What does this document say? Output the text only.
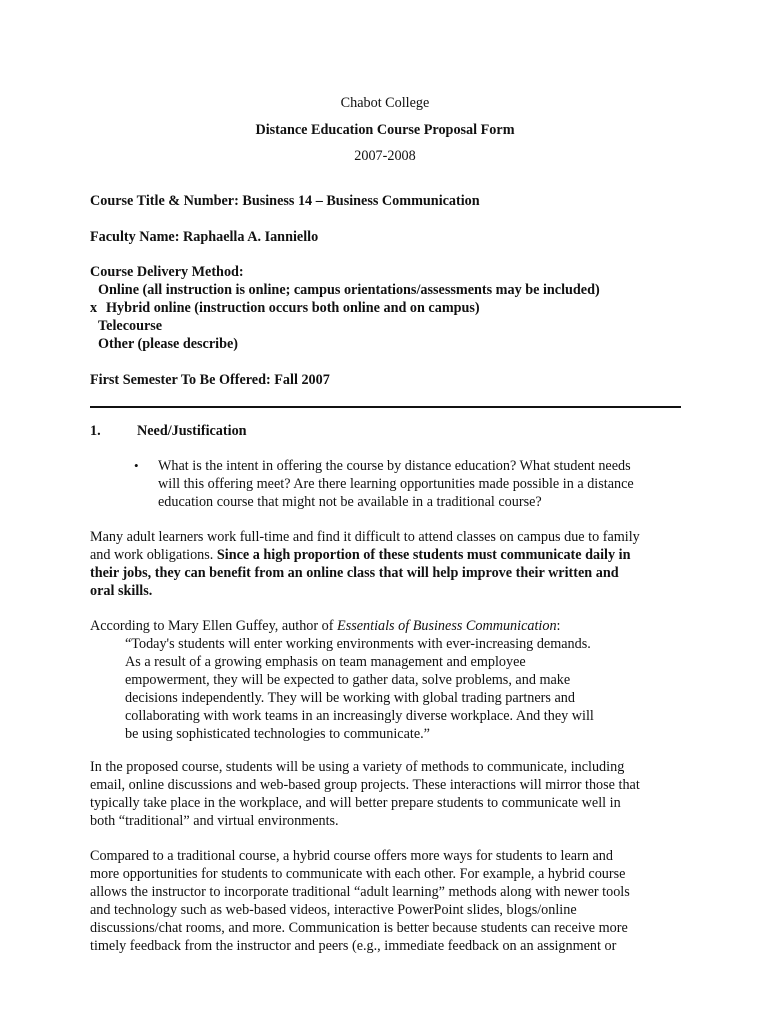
Chabot College

Distance Education Course Proposal Form

2007-2008

Course Title & Number: Business 14 – Business Communication

Faculty Name: Raphaella A. Ianniello

Course Delivery Method:

Online (all instruction is online; campus orientations/assessments may be included)

x Hybrid online (instruction occurs both online and on campus)

Telecourse

Other (please describe)

First Semester To Be Offered: Fall 2007

1.	Need/Justification

• What is the intent in offering the course by distance education? What student needs

will this offering meet? Are there learning opportunities made possible in a distance

education course that might not be available in a traditional course?

Many adult learners work full-time and find it difficult to attend classes on campus due to family

and work obligations. Since a high proportion of these students must communicate daily in

their jobs, they can benefit from an online class that will help improve their written and

oral skills.

According to Mary Ellen Guffey, author of Essentials of Business Communication:

“Today's students will enter working environments with ever-increasing demands.

As a result of a growing emphasis on team management and employee

empowerment, they will be expected to gather data, solve problems, and make

decisions independently. They will be working with global trading partners and

collaborating with work teams in an increasingly diverse workplace. And they will

be using sophisticated technologies to communicate.”

In the proposed course, students will be using a variety of methods to communicate, including

email, online discussions and web-based group projects. These interactions will mirror those that

typically take place in the workplace, and will better prepare students to communicate well in

both “traditional” and virtual environments.

Compared to a traditional course, a hybrid course offers more ways for students to learn and

more opportunities for students to communicate with each other. For example, a hybrid course

allows the instructor to incorporate traditional “adult learning” methods along with newer tools

and technology such as web-based videos, interactive PowerPoint slides, blogs/online

discussions/chat rooms, and more. Communication is better because students can receive more

timely feedback from the instructor and peers (e.g., immediate feedback on an assignment or
